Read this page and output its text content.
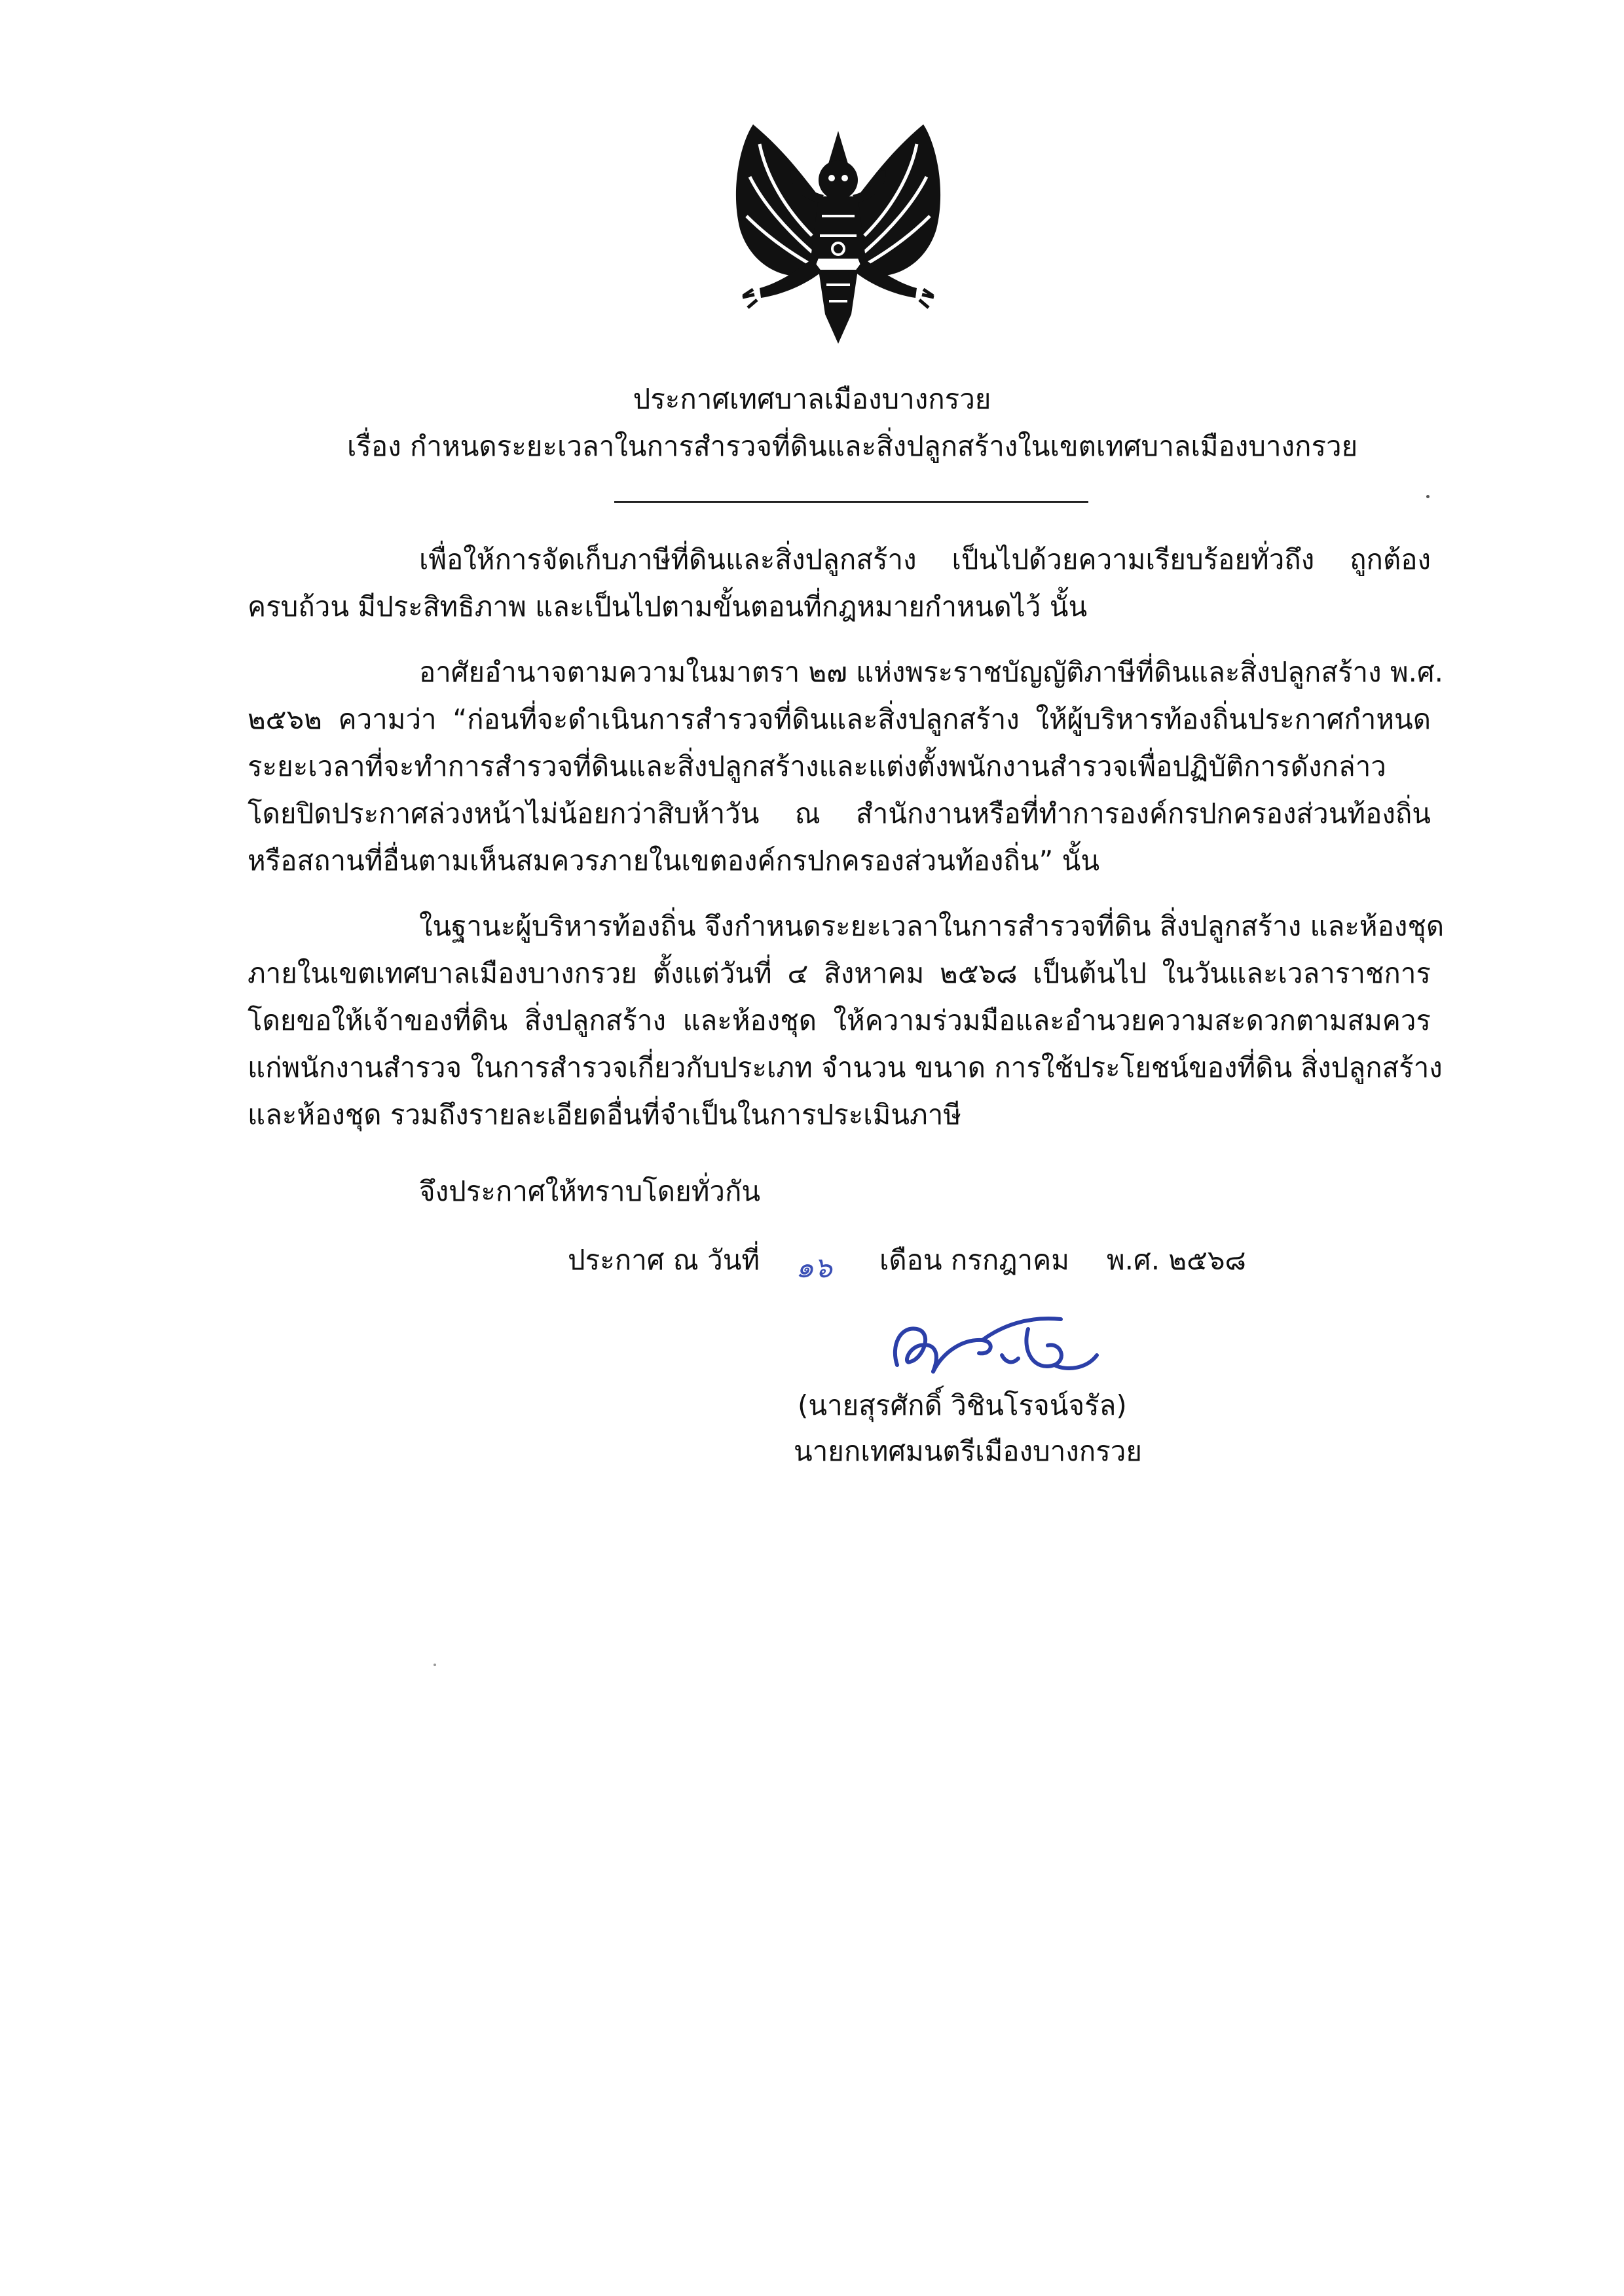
ประกาศเทศบาลเมืองบางกรวย
เรื่อง กำหนดระยะเวลาในการสำรวจที่ดินและสิ่งปลูกสร้างในเขตเทศบาลเมืองบางกรวย
เพื่อให้การจัดเก็บภาษีที่ดินและสิ่งปลูกสร้าง เป็นไปด้วยความเรียบร้อยทั่วถึง ถูกต้อง
ครบถ้วน มีประสิทธิภาพ และเป็นไปตามขั้นตอนที่กฎหมายกำหนดไว้ นั้น
อาศัยอำนาจตามความในมาตรา ๒๗ แห่งพระราชบัญญัติภาษีที่ดินและสิ่งปลูกสร้าง พ.ศ.
๒๕๖๒ ความว่า “ก่อนที่จะดำเนินการสำรวจที่ดินและสิ่งปลูกสร้าง ให้ผู้บริหารท้องถิ่นประกาศกำหนด
ระยะเวลาที่จะทำการสำรวจที่ดินและสิ่งปลูกสร้างและแต่งตั้งพนักงานสำรวจเพื่อปฏิบัติการดังกล่าว
โดยปิดประกาศล่วงหน้าไม่น้อยกว่าสิบห้าวัน ณ สำนักงานหรือที่ทำการองค์กรปกครองส่วนท้องถิ่น
หรือสถานที่อื่นตามเห็นสมควรภายในเขตองค์กรปกครองส่วนท้องถิ่น” นั้น
ในฐานะผู้บริหารท้องถิ่น จึงกำหนดระยะเวลาในการสำรวจที่ดิน สิ่งปลูกสร้าง และห้องชุด
ภายในเขตเทศบาลเมืองบางกรวย ตั้งแต่วันที่ ๔ สิงหาคม ๒๕๖๘ เป็นต้นไป ในวันและเวลาราชการ
โดยขอให้เจ้าของที่ดิน สิ่งปลูกสร้าง และห้องชุด ให้ความร่วมมือและอำนวยความสะดวกตามสมควร
แก่พนักงานสำรวจ ในการสำรวจเกี่ยวกับประเภท จำนวน ขนาด การใช้ประโยชน์ของที่ดิน สิ่งปลูกสร้าง
และห้องชุด รวมถึงรายละเอียดอื่นที่จำเป็นในการประเมินภาษี
จึงประกาศให้ทราบโดยทั่วกัน
ประกาศ ณ วันที่	๑๖ เดือน กรกฎาคม	พ.ศ. ๒๕๖๘
(นายสุรศักดิ์ วิชินโรจน์จรัล)
นายกเทศมนตรีเมืองบางกรวย
